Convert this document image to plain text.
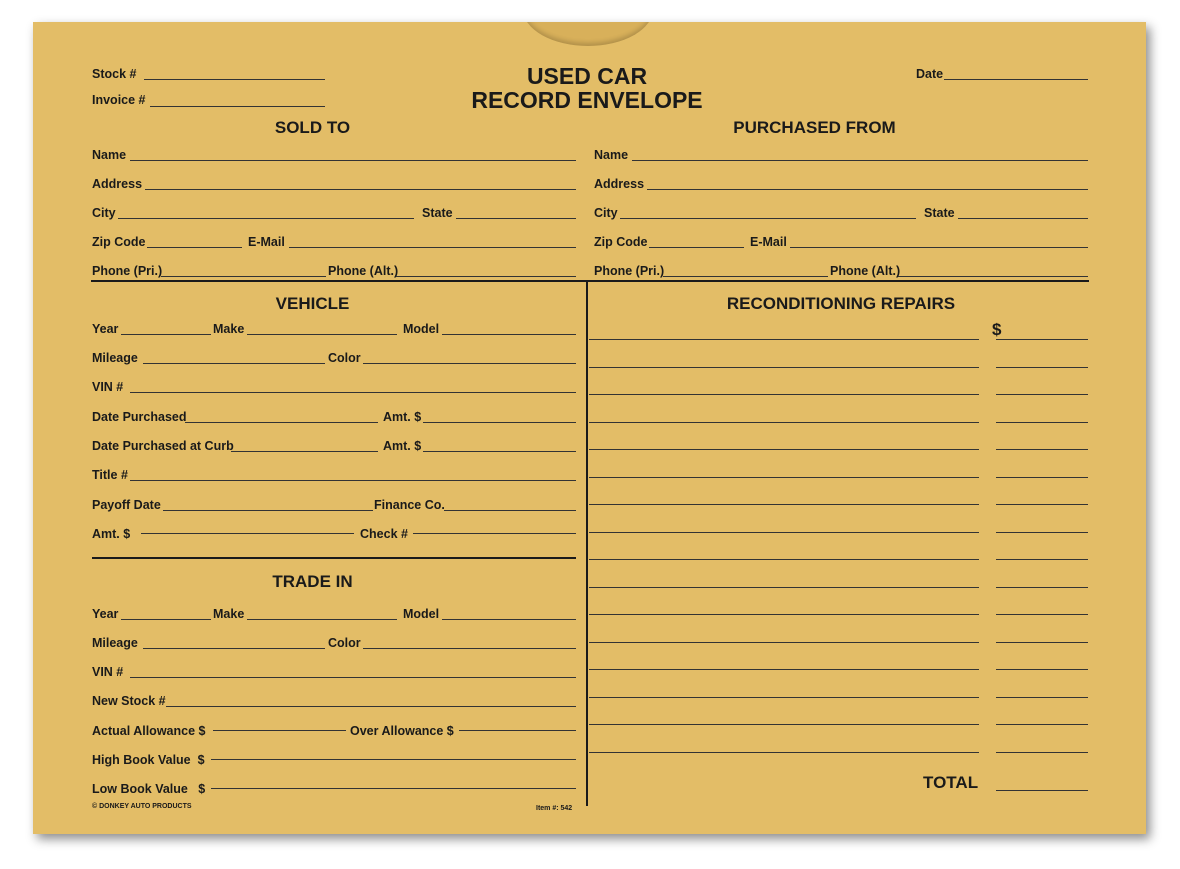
Stock #
Invoice #
USED CAR
RECORD ENVELOPE
Date
SOLD TO
Name
Address
City	State
Zip Code	E-Mail
Phone (Pri.)	Phone (Alt.)
PURCHASED FROM
Name
Address
City	State
Zip Code	E-Mail
Phone (Pri.)	Phone (Alt.)
VEHICLE
Year	Make	Model
Mileage	Color
VIN #
Date Purchased	Amt. $
Date Purchased at Curb	Amt. $
Title #
Payoff Date	Finance Co.
Amt. $	Check #
TRADE IN
Year	Make	Model
Mileage	Color
VIN #
New Stock #
Actual Allowance $	Over Allowance $
High Book Value  $
Low Book Value   $
© DONKEY AUTO PRODUCTS	Item #: 542
RECONDITIONING REPAIRS
$
TOTAL
